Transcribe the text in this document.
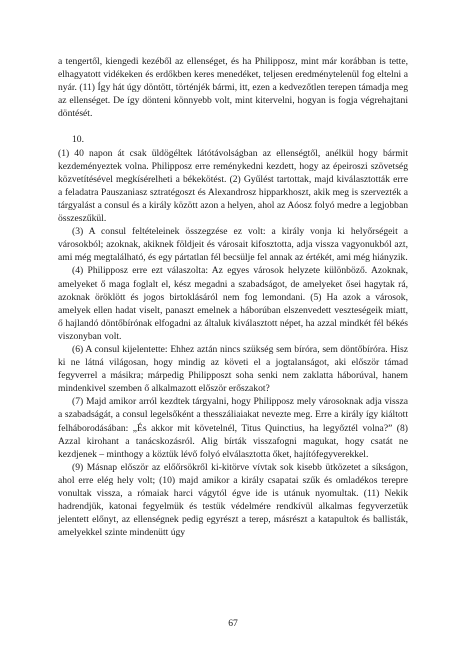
a tengertől, kiengedi kezéből az ellenséget, és ha Philipposz, mint már korábban is tette, elhagyatott vidékeken és erdőkben keres menedéket, teljesen eredménytelenül fog eltelni a nyár. (11) Így hát úgy döntött, történjék bármi, itt, ezen a kedvezőtlen terepen támadja meg az ellenséget. De így dönteni könnyebb volt, mint kitervelni, hogyan is fogja végrehajtani döntését.

10.

(1) 40 napon át csak üldögéltek látótávolságban az ellenségtől, anélkül hogy bármit kezdeményeztek volna. Philipposz erre reménykedni kezdett, hogy az épeiroszi szövetség közvetítésével megkísérelheti a békekötést. (2) Gyűlést tartottak, majd kiválasztották erre a feladatra Pauszaniasz sztratégoszt és Alexandrosz hipparkhoszt, akik meg is szervezték a tárgyalást a consul és a király között azon a helyen, ahol az Aóosz folyó medre a legjobban összeszűkül.

(3) A consul feltételeinek összegzése ez volt: a király vonja ki helyőrségeit a városokból; azoknak, akiknek földjeit és városait kifosztotta, adja vissza vagyonukból azt, ami még megtalálható, és egy pártatlan fél becsülje fel annak az értékét, ami még hiányzik.

(4) Philipposz erre ezt válaszolta: Az egyes városok helyzete különböző. Azoknak, amelyeket ő maga foglalt el, kész megadni a szabadságot, de amelyeket ősei hagytak rá, azoknak öröklött és jogos birtoklásáról nem fog lemondani. (5) Ha azok a városok, amelyek ellen hadat viselt, panaszt emelnek a háborúban elszenvedett veszteségeik miatt, ő hajlandó döntőbírónak elfogadni az általuk kiválasztott népet, ha azzal mindkét fél békés viszonyban volt.

(6) A consul kijelentette: Ehhez aztán nincs szükség sem bíróra, sem döntőbíróra. Hisz ki ne látná világosan, hogy mindig az követi el a jogtalanságot, aki először támad fegyverrel a másikra; márpedig Philipposzt soha senki nem zaklatta háborúval, hanem mindenkivel szemben ő alkalmazott először erőszakot?

(7) Majd amikor arról kezdtek tárgyalni, hogy Philipposz mely városoknak adja vissza a szabadságát, a consul legelsőként a thesszáliaiakat nevezte meg. Erre a király így kiáltott felháborodásában: „És akkor mit követelnél, Titus Quinctius, ha legyőztél volna?” (8) Azzal kirohant a tanácskozásról. Alig bírták visszafogni magukat, hogy csatát ne kezdjenek – minthogy a köztük lévő folyó elválasztotta őket, hajítófegyverekkel.

(9) Másnap először az előőrsökről ki-kitörve vívtak sok kisebb ütközetet a síkságon, ahol erre elég hely volt; (10) majd amikor a király csapatai szűk és omladékos terepre vonultak vissza, a rómaiak harci vágytól égve ide is utánuk nyomultak. (11) Nekik hadrendjük, katonai fegyelmük és testük védelmére rendkívül alkalmas fegyverzetük jelentett előnyt, az ellenségnek pedig egyrészt a terep, másrészt a katapultok és ballisták, amelyekkel szinte mindenütt úgy

67
